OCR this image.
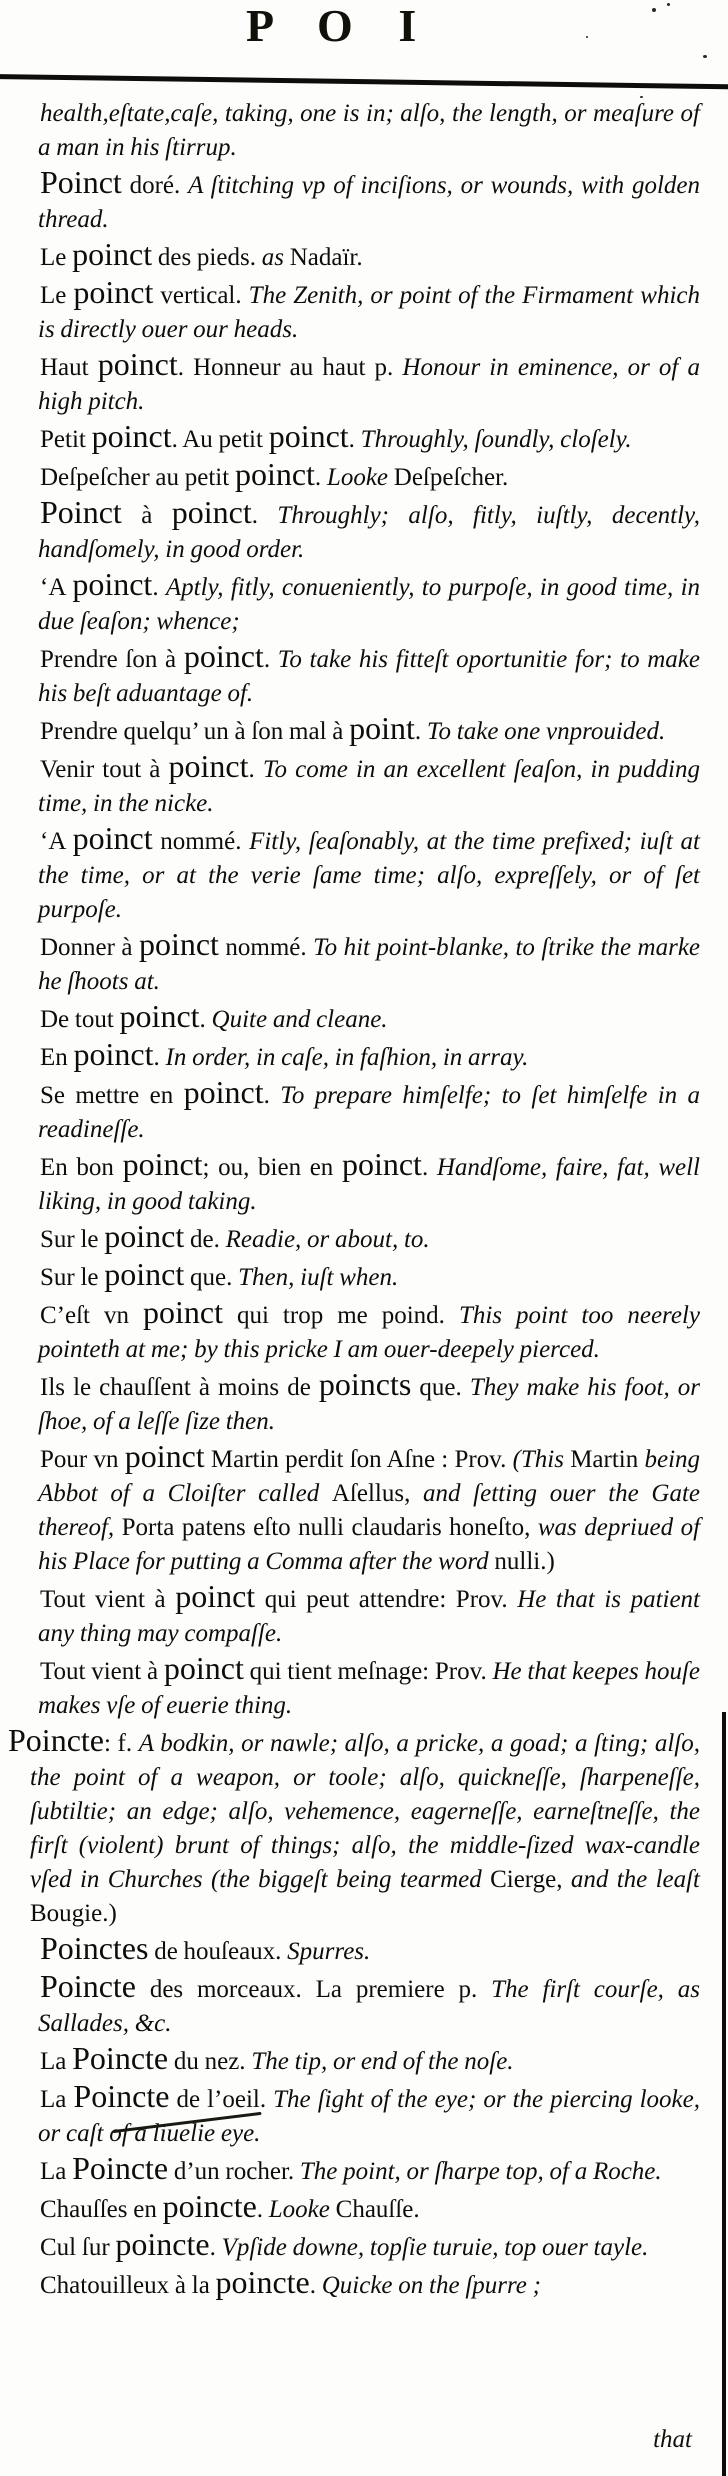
P O I

health,eſtate,caſe, taking, one is in; alſo, the length, or meaſure of a man in his ſtirrup.

Poinct doré. A ſtitching vp of inciſions, or wounds, with golden thread.

Le poinct des pieds. as Nadaïr.

Le poinct vertical. The Zenith, or point of the Firmament which is directly ouer our heads.

Haut poinct. Honneur au haut p. Honour in eminence, or of a high pitch.

Petit poinct. Au petit poinct. Throughly, ſoundly, cloſely.

Deſpeſcher au petit poinct. Looke Deſpeſcher.

Poinct à poinct. Throughly; alſo, fitly, iuſtly, decently, handſomely, in good order.

‘A poinct. Aptly, fitly, conueniently, to purpoſe, in good time, in due ſeaſon; whence;

Prendre ſon à poinct. To take his fitteſt oportunitie for; to make his beſt aduantage of.

Prendre quelqu’ un à ſon mal à point. To take one vnprouided.

Venir tout à poinct. To come in an excellent ſeaſon, in pudding time, in the nicke.

‘A poinct nommé. Fitly, ſeaſonably, at the time prefixed; iuſt at the time, or at the verie ſame time; alſo, expreſſely, or of ſet purpoſe.

Donner à poinct nommé. To hit point-blanke, to ſtrike the marke he ſhoots at.

De tout poinct. Quite and cleane.

En poinct. In order, in caſe, in faſhion, in array.

Se mettre en poinct. To prepare himſelfe; to ſet himſelfe in a readineſſe.

En bon poinct; ou, bien en poinct. Handſome, faire, fat, well liking, in good taking.

Sur le poinct de. Readie, or about, to.

Sur le poinct que. Then, iuſt when.

C’eſt vn poinct qui trop me poind. This point too neerely pointeth at me; by this pricke I am ouer-deepely pierced.

Ils le chauſſent à moins de poincts que. They make his foot, or ſhoe, of a leſſe ſize then.

Pour vn poinct Martin perdit ſon Aſne : Prov. (This Martin being Abbot of a Cloiſter called Aſellus, and ſetting ouer the Gate thereof, Porta patens eſto nulli claudaris honeſto, was depriued of his Place for putting a Comma after the word nulli.)

Tout vient à poinct qui peut attendre: Prov. He that is patient any thing may compaſſe.

Tout vient à poinct qui tient meſnage: Prov. He that keepes houſe makes vſe of euerie thing.

Poincte: f. A bodkin, or nawle; alſo, a pricke, a goad; a ſting; alſo, the point of a weapon, or toole; alſo, quickneſſe, ſharpeneſſe, ſubtiltie; an edge; alſo, vehemence, eagerneſſe, earneſtneſſe, the firſt (violent) brunt of things; alſo, the middle-ſized wax-candle vſed in Churches (the biggeſt being tearmed Cierge, and the leaſt Bougie.)

Poinctes de houſeaux. Spurres.

Poincte des morceaux. La premiere p. The firſt courſe, as Sallades, &c.

La Poincte du nez. The tip, or end of the noſe.

La Poincte de l’oeil. The ſight of the eye; or the piercing looke, or caſt of a liuelie eye.

La Poincte d’un rocher. The point, or ſharpe top, of a Roche.

Chauſſes en poincte. Looke Chauſſe.

Cul ſur poincte. Vpſide downe, topſie turuie, top ouer tayle.

Chatouilleux à la poincte. Quicke on the ſpurre ;

that
